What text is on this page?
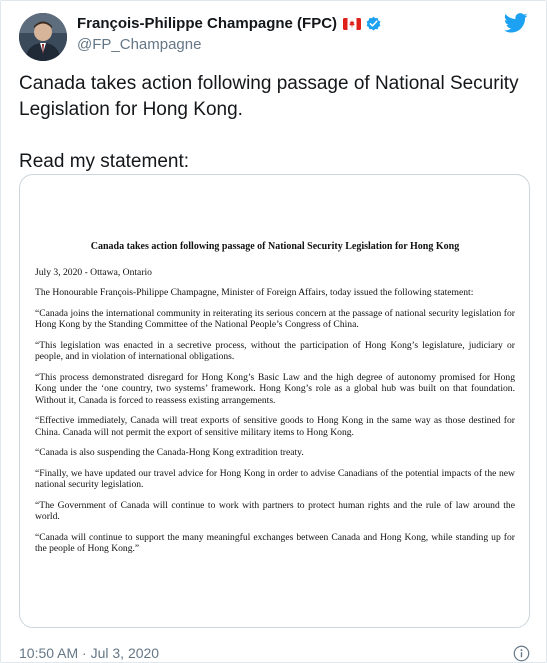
François-Philippe Champagne (FPC)
@FP_Champagne

Canada takes action following passage of National Security Legislation for Hong Kong.

Read my statement:

Canada takes action following passage of National Security Legislation for Hong Kong
July 3, 2020 - Ottawa, Ontario
The Honourable François-Philippe Champagne, Minister of Foreign Affairs, today issued the following statement:
“Canada joins the international community in reiterating its serious concern at the passage of national security legislation for Hong Kong by the Standing Committee of the National People’s Congress of China.
“This legislation was enacted in a secretive process, without the participation of Hong Kong’s legislature, judiciary or people, and in violation of international obligations.
“This process demonstrated disregard for Hong Kong’s Basic Law and the high degree of autonomy promised for Hong Kong under the ‘one country, two systems’ framework. Hong Kong’s role as a global hub was built on that foundation. Without it, Canada is forced to reassess existing arrangements.
“Effective immediately, Canada will treat exports of sensitive goods to Hong Kong in the same way as those destined for China. Canada will not permit the export of sensitive military items to Hong Kong.
“Canada is also suspending the Canada-Hong Kong extradition treaty.
“Finally, we have updated our travel advice for Hong Kong in order to advise Canadians of the potential impacts of the new national security legislation.
“The Government of Canada will continue to work with partners to protect human rights and the rule of law around the world.
“Canada will continue to support the many meaningful exchanges between Canada and Hong Kong, while standing up for the people of Hong Kong.”
10:50 AM · Jul 3, 2020
